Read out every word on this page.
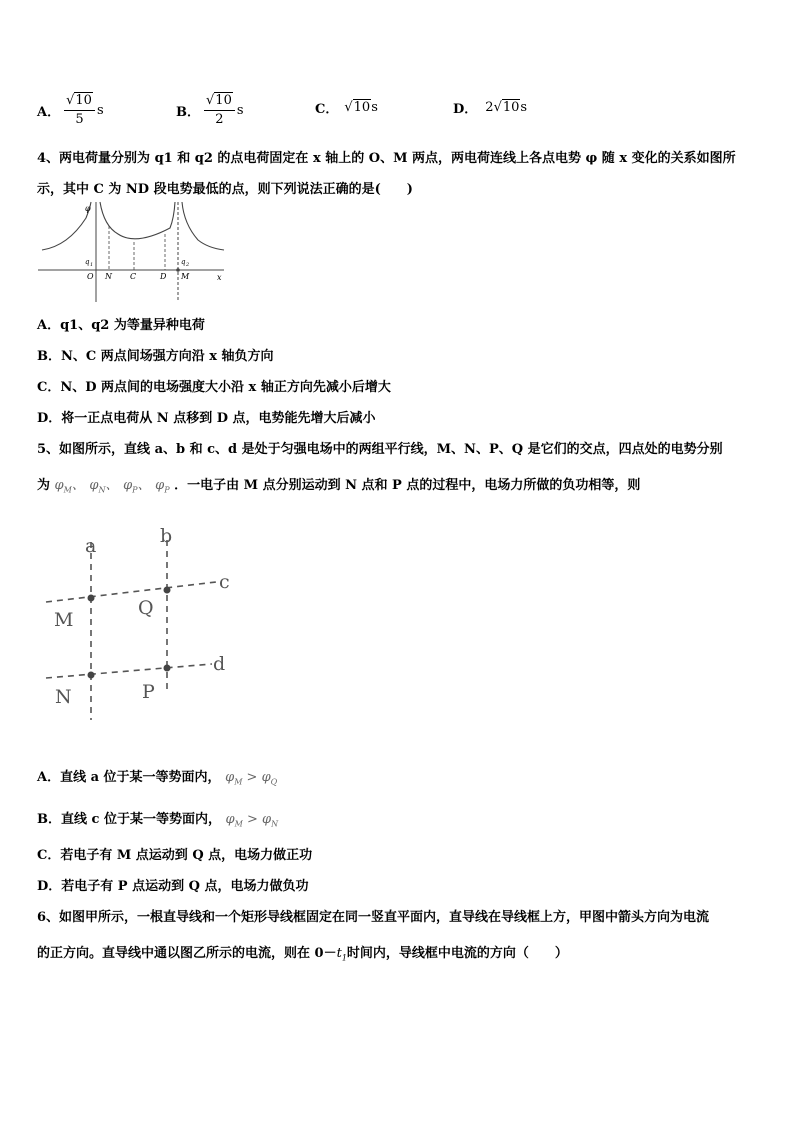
A． $\frac{√10}{5}$ s	B． $\frac{√10}{2}$ s	C． √10 s	D． 2 √10 s
4、两电荷量分别为 q1 和 q2 的点电荷固定在 x 轴上的 O、M 两点，两电荷连线上各点电势 φ 随 x 变化的关系如图所
示，其中 C 为 ND 段电势最低的点，则下列说法正确的是(　　)
φ
x
q 1	q 2
O N C	D M
A．q1、q2 为等量异种电荷
B．N、C 两点间场强方向沿 x 轴负方向
C．N、D 两点间的电场强度大小沿 x 轴正方向先减小后增大
D．将一正点电荷从 N 点移到 D 点，电势能先增大后减小
5、如图所示，直线 a、b 和 c、d 是处于匀强电场中的两组平行线，M、N、P、Q 是它们的交点，四点处的电势分别
为 $\varphi_M$、 $\varphi_N$、 $\varphi_P$、 $\varphi_P$ ．一电子由 M 点分别运动到 N 点和 P 点的过程中，电场力所做的负功相等，则
a	b
c
d
M
Q
N	P
A．直线 a 位于某一等势面内， $\varphi_M > \varphi_Q$
B．直线 c 位于某一等势面内， $\varphi_M > \varphi_N$
C．若电子有 M 点运动到 Q 点，电场力做正功
D．若电子有 P 点运动到 Q 点，电场力做负功
6、如图甲所示，一根直导线和一个矩形导线框固定在同一竖直平面内，直导线在导线框上方，甲图中箭头方向为电流
的正方向。直导线中通以图乙所示的电流，则在 $0-t_1$时间内，导线框中电流的方向（　　）
